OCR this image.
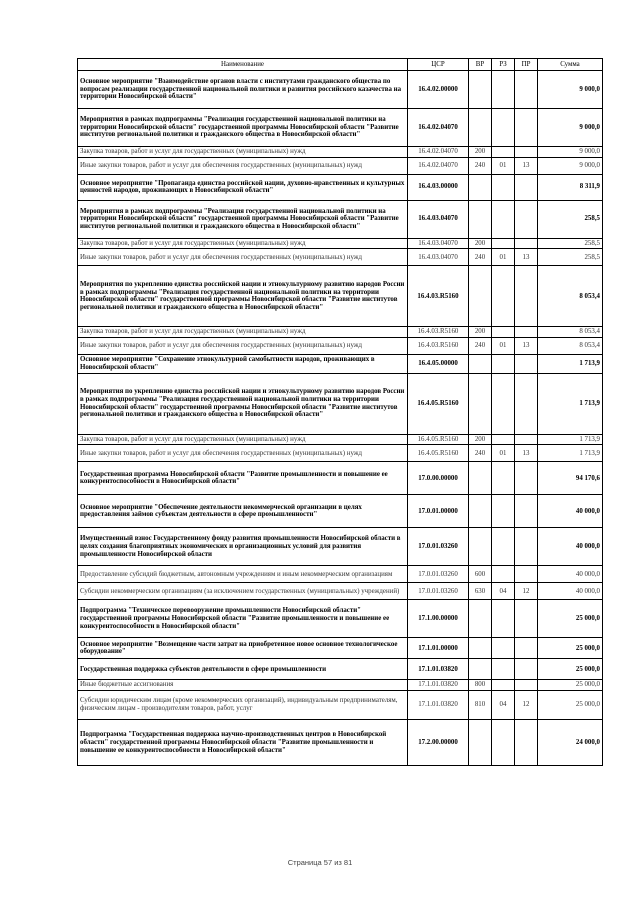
Наименование	ЦСР	ВР	РЗ	ПР	Сумма
Основное мероприятие "Взаимодействие органов власти с институтами гражданского общества по вопросам реализации государственной национальной политики и развития российского казачества на территории Новосибирской области"	16.4.02.00000				9 000,0
Мероприятия в рамках подпрограммы "Реализация государственной национальной политики на территории Новосибирской области" государственной программы Новосибирской области "Развитие институтов региональной политики и гражданского общества в Новосибирской области"	16.4.02.04070				9 000,0
Закупка товаров, работ и услуг для государственных (муниципальных) нужд	16.4.02.04070	200			9 000,0
Иные закупки товаров, работ и услуг для обеспечения государственных (муниципальных) нужд	16.4.02.04070	240	01	13	9 000,0
Основное мероприятие "Пропаганда единства российской нации, духовно-нравственных и культурных ценностей народов, проживающих в Новосибирской области"	16.4.03.00000				8 311,9
Мероприятия в рамках подпрограммы "Реализация государственной национальной политики на территории Новосибирской области" государственной программы Новосибирской области "Развитие институтов региональной политики и гражданского общества в Новосибирской области"	16.4.03.04070				258,5
Закупка товаров, работ и услуг для государственных (муниципальных) нужд	16.4.03.04070	200			258,5
Иные закупки товаров, работ и услуг для обеспечения государственных (муниципальных) нужд	16.4.03.04070	240	01	13	258,5
Мероприятия по укреплению единства российской нации и этнокультурному развитию народов России в рамках подпрограммы "Реализация государственной национальной политики на территории Новосибирской области" государственной программы Новосибирской области "Развитие институтов региональной политики и гражданского общества в Новосибирской области"	16.4.03.R5160				8 053,4
Закупка товаров, работ и услуг для государственных (муниципальных) нужд	16.4.03.R5160	200			8 053,4
Иные закупки товаров, работ и услуг для обеспечения государственных (муниципальных) нужд	16.4.03.R5160	240	01	13	8 053,4
Основное мероприятие "Сохранение этнокультурной самобытности народов, проживающих в Новосибирской области"	16.4.05.00000				1 713,9
Мероприятия по укреплению единства российской нации и этнокультурному развитию народов России в рамках подпрограммы "Реализация государственной национальной политики на территории Новосибирской области" государственной программы Новосибирской области "Развитие институтов региональной политики и гражданского общества в Новосибирской области"	16.4.05.R5160				1 713,9
Закупка товаров, работ и услуг для государственных (муниципальных) нужд	16.4.05.R5160	200			1 713,9
Иные закупки товаров, работ и услуг для обеспечения государственных (муниципальных) нужд	16.4.05.R5160	240	01	13	1 713,9
Государственная программа Новосибирской области "Развитие промышленности и повышение ее конкурентоспособности в Новосибирской области"	17.0.00.00000				94 170,6
Основное мероприятие "Обеспечение деятельности некоммерческой организации в целях предоставления займов субъектам деятельности в сфере промышленности"	17.0.01.00000				40 000,0
Имущественный взнос Государственному фонду развития промышленности Новосибирской области в целях создания благоприятных экономических и организационных условий для развития промышленности Новосибирской области	17.0.01.03260				40 000,0
Предоставление субсидий бюджетным, автономным учреждениям и иным некоммерческим организациям	17.0.01.03260	600			40 000,0
Субсидии некоммерческим организациям (за исключением государственных (муниципальных) учреждений)	17.0.01.03260	630	04	12	40 000,0
Подпрограмма "Техническое перевооружение промышленности Новосибирской области" государственной программы Новосибирской области "Развитие промышленности и повышение ее конкурентоспособности в Новосибирской области"	17.1.00.00000				25 000,0
Основное мероприятие "Возмещение части затрат на приобретенное новое основное технологическое оборудование"	17.1.01.00000				25 000,0
Государственная поддержка субъектов деятельности в сфере промышленности	17.1.01.03820				25 000,0
Иные бюджетные ассигнования	17.1.01.03820	800			25 000,0
Субсидии юридическим лицам (кроме некоммерческих организаций), индивидуальным предпринимателям, физическим лицам - производителям товаров, работ, услуг	17.1.01.03820	810	04	12	25 000,0
Подпрограмма "Государственная поддержка научно-производственных центров в Новосибирской области" государственной программы Новосибирской области "Развитие промышленности и повышение ее конкурентоспособности в Новосибирской области"	17.2.00.00000				24 000,0
Страница 57 из 81
